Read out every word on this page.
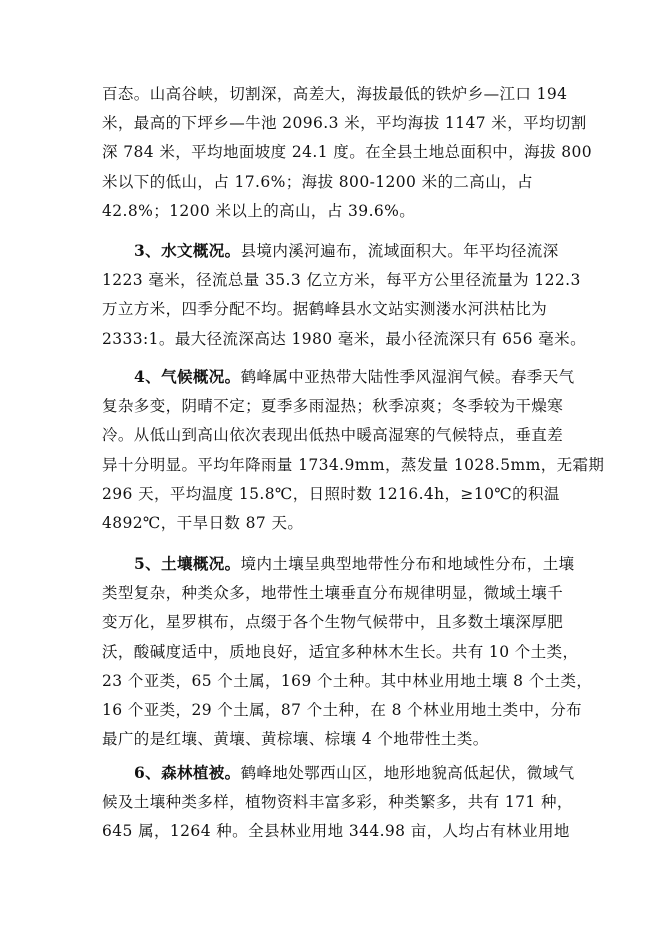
百态。山高谷峡，切割深，高差大，海拔最低的铁炉乡—江口 194
米，最高的下坪乡—牛池 2096.3 米，平均海拔 1147 米，平均切割
深 784 米，平均地面坡度 24.1 度。在全县土地总面积中，海拔 800
米以下的低山，占 17.6%；海拔 800-1200 米的二高山，占
42.8%；1200 米以上的高山，占 39.6%。
3、水文概况。县境内溪河遍布，流域面积大。年平均径流深
1223 毫米，径流总量 35.3 亿立方米，每平方公里径流量为 122.3
万立方米，四季分配不均。据鹤峰县水文站实测溇水河洪枯比为
2333:1。最大径流深高达 1980 毫米，最小径流深只有 656 毫米。
4、气候概况。鹤峰属中亚热带大陆性季风湿润气候。春季天气
复杂多变，阴晴不定；夏季多雨湿热；秋季凉爽；冬季较为干燥寒
冷。从低山到高山依次表现出低热中暖高湿寒的气候特点，垂直差
异十分明显。平均年降雨量 1734.9mm，蒸发量 1028.5mm，无霜期
296 天，平均温度 15.8℃，日照时数 1216.4h，≥10℃的积温
4892℃，干旱日数 87 天。
5、土壤概况。境内土壤呈典型地带性分布和地域性分布，土壤
类型复杂，种类众多，地带性土壤垂直分布规律明显，微域土壤千
变万化，星罗棋布，点缀于各个生物气候带中，且多数土壤深厚肥
沃，酸碱度适中，质地良好，适宜多种林木生长。共有 10 个土类，
23 个亚类，65 个土属，169 个土种。其中林业用地土壤 8 个土类，
16 个亚类，29 个土属，87 个土种，在 8 个林业用地土类中，分布
最广的是红壤、黄壤、黄棕壤、棕壤 4 个地带性土类。
6、森林植被。鹤峰地处鄂西山区，地形地貌高低起伏，微域气
候及土壤种类多样，植物资料丰富多彩，种类繁多，共有 171 种，
645 属，1264 种。全县林业用地 344.98 亩，人均占有林业用地
